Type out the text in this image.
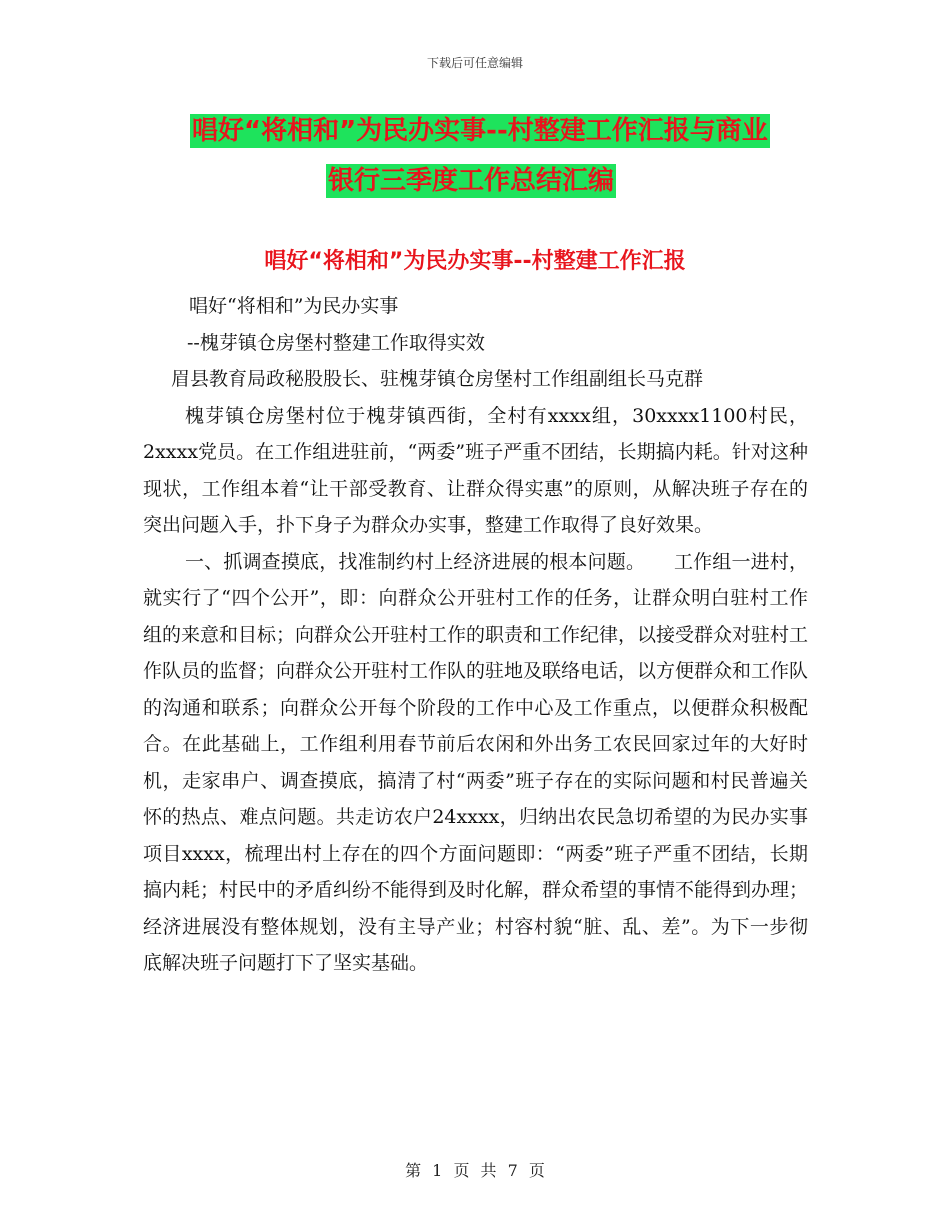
下载后可任意编辑
唱好“将相和”为民办实事--村整建工作汇报与商业
银行三季度工作总结汇编
唱好“将相和”为民办实事--村整建工作汇报

唱好“将相和”为民办实事

--槐芽镇仓房堡村整建工作取得实效

眉县教育局政秘股股长、驻槐芽镇仓房堡村工作组副组长马克群

槐芽镇仓房堡村位于槐芽镇西街，全村有xxxx组，30xxxx1100村民，2xxxx党员。在工作组进驻前，“两委”班子严重不团结，长期搞内耗。针对这种现状，工作组本着“让干部受教育、让群众得实惠”的原则，从解决班子存在的突出问题入手，扑下身子为群众办实事，整建工作取得了良好效果。

一、抓调查摸底，找准制约村上经济进展的根本问题。　　工作组一进村，就实行了“四个公开”，即：向群众公开驻村工作的任务，让群众明白驻村工作组的来意和目标；向群众公开驻村工作的职责和工作纪律，以接受群众对驻村工作队员的监督；向群众公开驻村工作队的驻地及联络电话，以方便群众和工作队的沟通和联系；向群众公开每个阶段的工作中心及工作重点，以便群众积极配合。在此基础上，工作组利用春节前后农闲和外出务工农民回家过年的大好时机，走家串户、调查摸底，搞清了村“两委”班子存在的实际问题和村民普遍关怀的热点、难点问题。共走访农户24xxxx，归纳出农民急切希望的为民办实事项目xxxx，梳理出村上存在的四个方面问题即：“两委”班子严重不团结，长期搞内耗；村民中的矛盾纠纷不能得到及时化解，群众希望的事情不能得到办理；经济进展没有整体规划，没有主导产业；村容村貌“脏、乱、差”。为下一步彻底解决班子问题打下了坚实基础。

第 1 页 共 7 页
